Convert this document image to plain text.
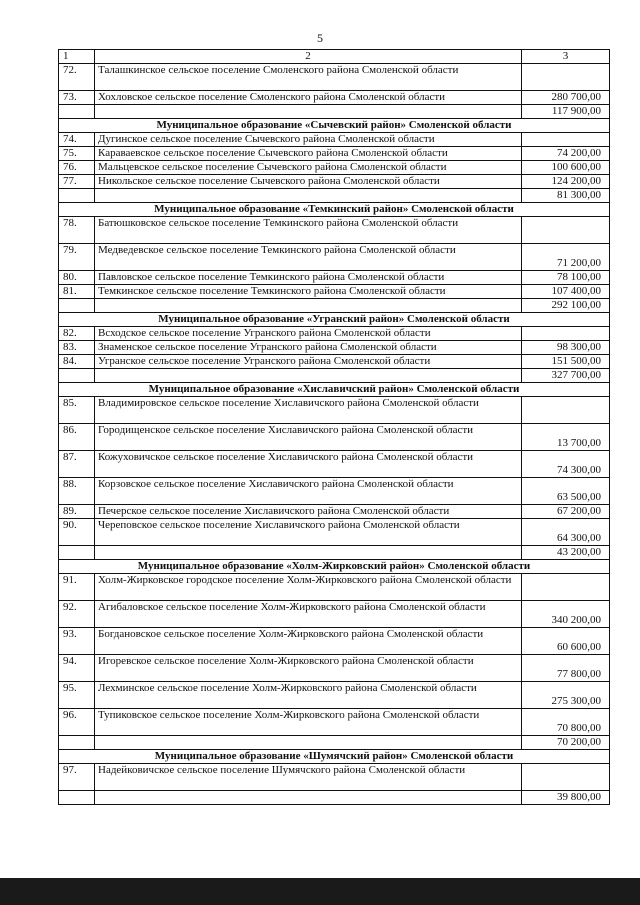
5
1	2	3
72.	Талашкинское сельское поселение Смоленского района Смоленской области	
73.	Хохловское сельское поселение Смоленского района Смоленской области	280 700,00
		117 900,00
Муниципальное образование «Сычевский район» Смоленской области		
74.	Дугинское сельское поселение Сычевского района Смоленской области	
75.	Караваевское сельское поселение Сычевского района Смоленской области	74 200,00
76.	Мальцевское сельское поселение Сычевского района Смоленской области	100 600,00
77.	Никольское сельское поселение Сычевского района Смоленской области	124 200,00
		81 300,00
Муниципальное образование «Темкинский район» Смоленской области		
78.	Батюшковское сельское поселение Темкинского района Смоленской области	
79.	Медведевское сельское поселение Темкинского района Смоленской области	71 200,00
80.	Павловское сельское поселение Темкинского района Смоленской области	78 100,00
81.	Темкинское сельское поселение Темкинского района Смоленской области	107 400,00
		292 100,00
Муниципальное образование «Угранский район» Смоленской области		
82.	Всходское сельское поселение Угранского района Смоленской области	
83.	Знаменское сельское поселение Угранского района Смоленской области	98 300,00
84.	Угранское сельское поселение Угранского района Смоленской области	151 500,00
		327 700,00
Муниципальное образование «Хиславичский район» Смоленской области		
85.	Владимировское сельское поселение Хиславичского района Смоленской области	
86.	Городищенское сельское поселение Хиславичского района Смоленской области	13 700,00
87.	Кожуховичское сельское поселение Хиславичского района Смоленской области	74 300,00
88.	Корзовское сельское поселение Хиславичского района Смоленской области	63 500,00
89.	Печерское сельское поселение Хиславичского района Смоленской области	67 200,00
90.	Череповское сельское поселение Хиславичского района Смоленской области	64 300,00
		43 200,00
Муниципальное образование «Холм-Жирковский район» Смоленской области		
91.	Холм-Жирковское городское поселение Холм-Жирковского района Смоленской области	
92.	Агибаловское сельское поселение Холм-Жирковского района Смоленской области	340 200,00
93.	Богдановское сельское поселение Холм-Жирковского района Смоленской области	60 600,00
94.	Игоревское сельское поселение Холм-Жирковского района Смоленской области	77 800,00
95.	Лехминское сельское поселение Холм-Жирковского района Смоленской области	275 300,00
96.	Тупиковское сельское поселение Холм-Жирковского района Смоленской области	70 800,00
		70 200,00
Муниципальное образование «Шумячский район» Смоленской области		
97.	Надейковичское сельское поселение Шумячского района Смоленской области	
		39 800,00
